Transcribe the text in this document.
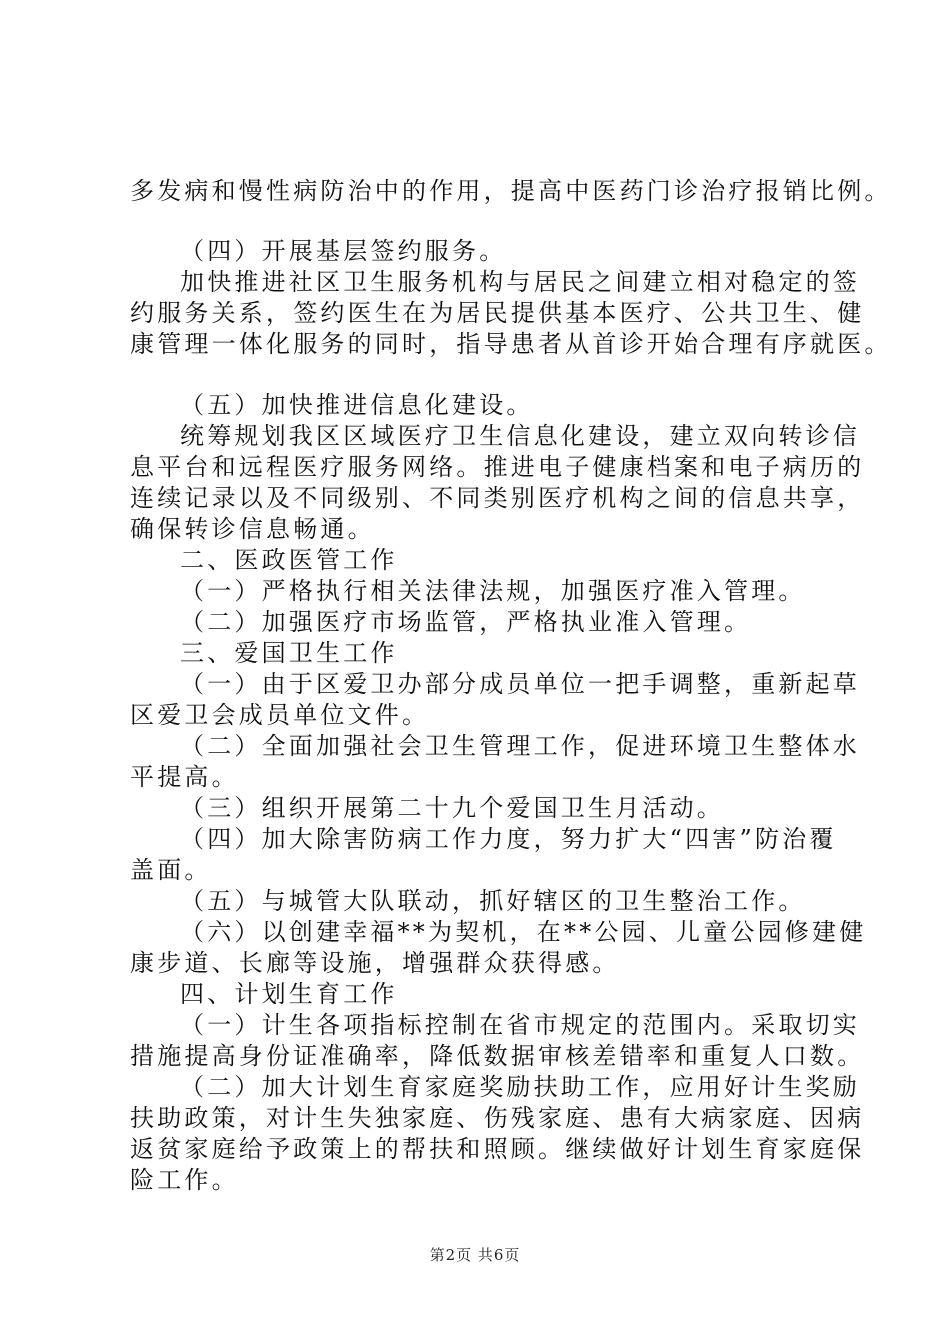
多发病和慢性病防治中的作用，提高中医药门诊治疗报销比例。
（四）开展基层签约服务。
加快推进社区卫生服务机构与居民之间建立相对稳定的签
约服务关系，签约医生在为居民提供基本医疗、公共卫生、健
康管理一体化服务的同时，指导患者从首诊开始合理有序就医。
（五）加快推进信息化建设。
统筹规划我区区域医疗卫生信息化建设，建立双向转诊信
息平台和远程医疗服务网络。推进电子健康档案和电子病历的
连续记录以及不同级别、不同类别医疗机构之间的信息共享，
确保转诊信息畅通。
二、医政医管工作
（一）严格执行相关法律法规，加强医疗准入管理。
（二）加强医疗市场监管，严格执业准入管理。
三、爱国卫生工作
（一）由于区爱卫办部分成员单位一把手调整，重新起草
区爱卫会成员单位文件。
（二）全面加强社会卫生管理工作，促进环境卫生整体水
平提高。
（三）组织开展第二十九个爱国卫生月活动。
（四）加大除害防病工作力度，努力扩大“四害”防治覆
盖面。
（五）与城管大队联动，抓好辖区的卫生整治工作。
（六）以创建幸福**为契机，在**公园、儿童公园修建健
康步道、长廊等设施，增强群众获得感。
四、计划生育工作
（一）计生各项指标控制在省市规定的范围内。采取切实
措施提高身份证准确率，降低数据审核差错率和重复人口数。
（二）加大计划生育家庭奖励扶助工作，应用好计生奖励
扶助政策，对计生失独家庭、伤残家庭、患有大病家庭、因病
返贫家庭给予政策上的帮扶和照顾。继续做好计划生育家庭保
险工作。
第2页 共6页
